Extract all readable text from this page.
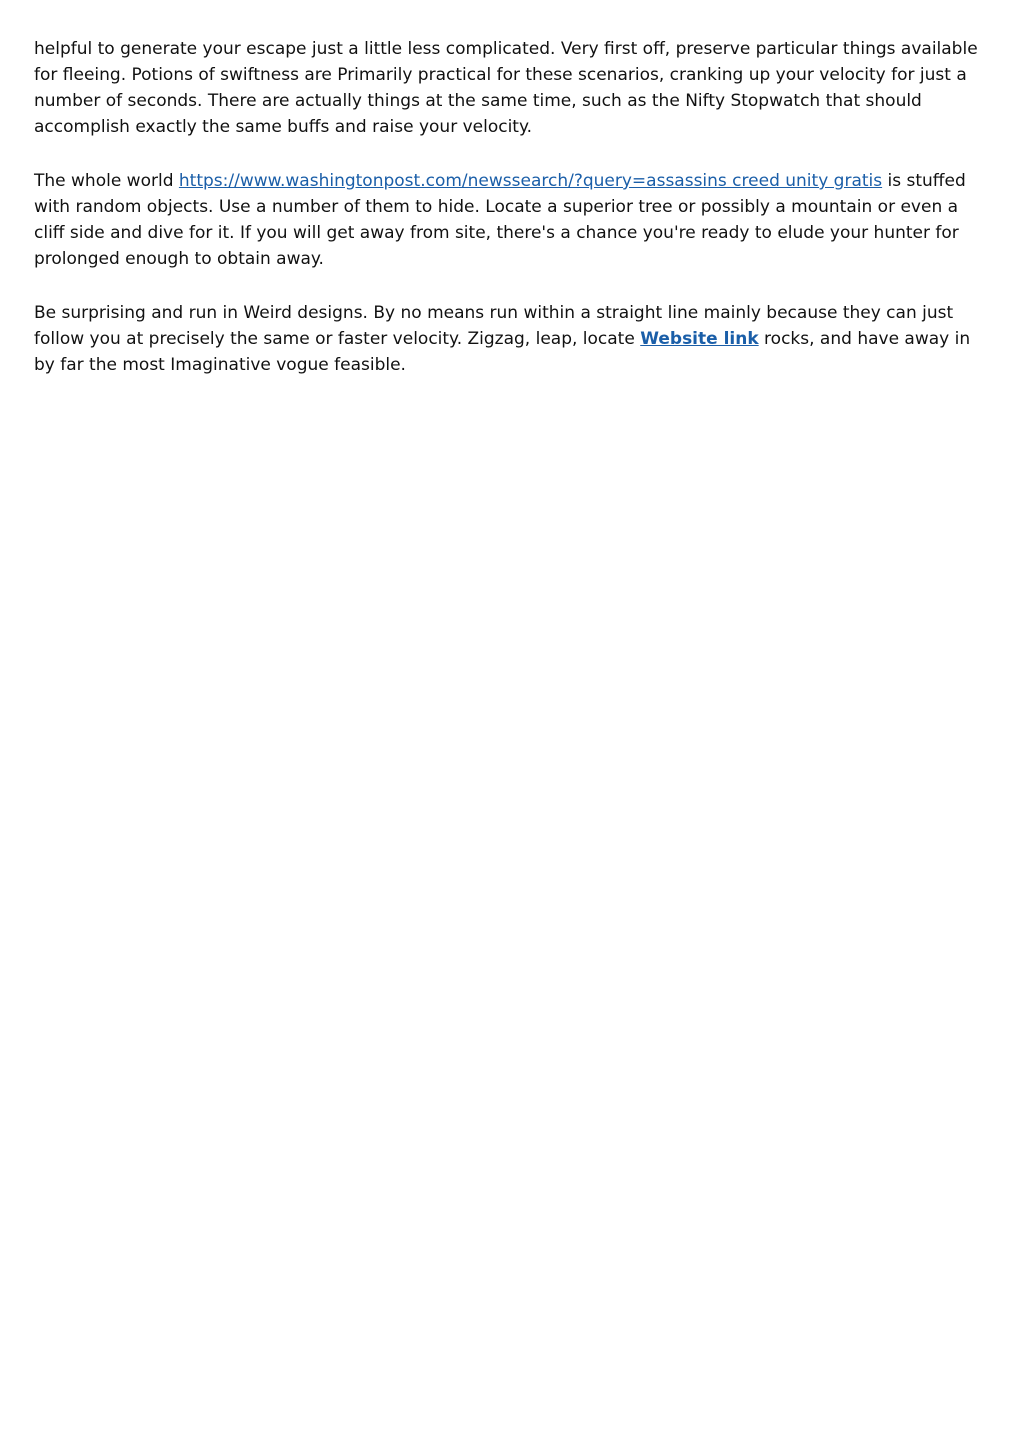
helpful to generate your escape just a little less complicated. Very first off, preserve particular things available for fleeing. Potions of swiftness are Primarily practical for these scenarios, cranking up your velocity for just a number of seconds. There are actually things at the same time, such as the Nifty Stopwatch that should accomplish exactly the same buffs and raise your velocity.

The whole world https://www.washingtonpost.com/newssearch/?query=assassins creed unity gratis is stuffed with random objects. Use a number of them to hide. Locate a superior tree or possibly a mountain or even a cliff side and dive for it. If you will get away from site, there's a chance you're ready to elude your hunter for prolonged enough to obtain away.

Be surprising and run in Weird designs. By no means run within a straight line mainly because they can just follow you at precisely the same or faster velocity. Zigzag, leap, locate Website link rocks, and have away in by far the most Imaginative vogue feasible.
